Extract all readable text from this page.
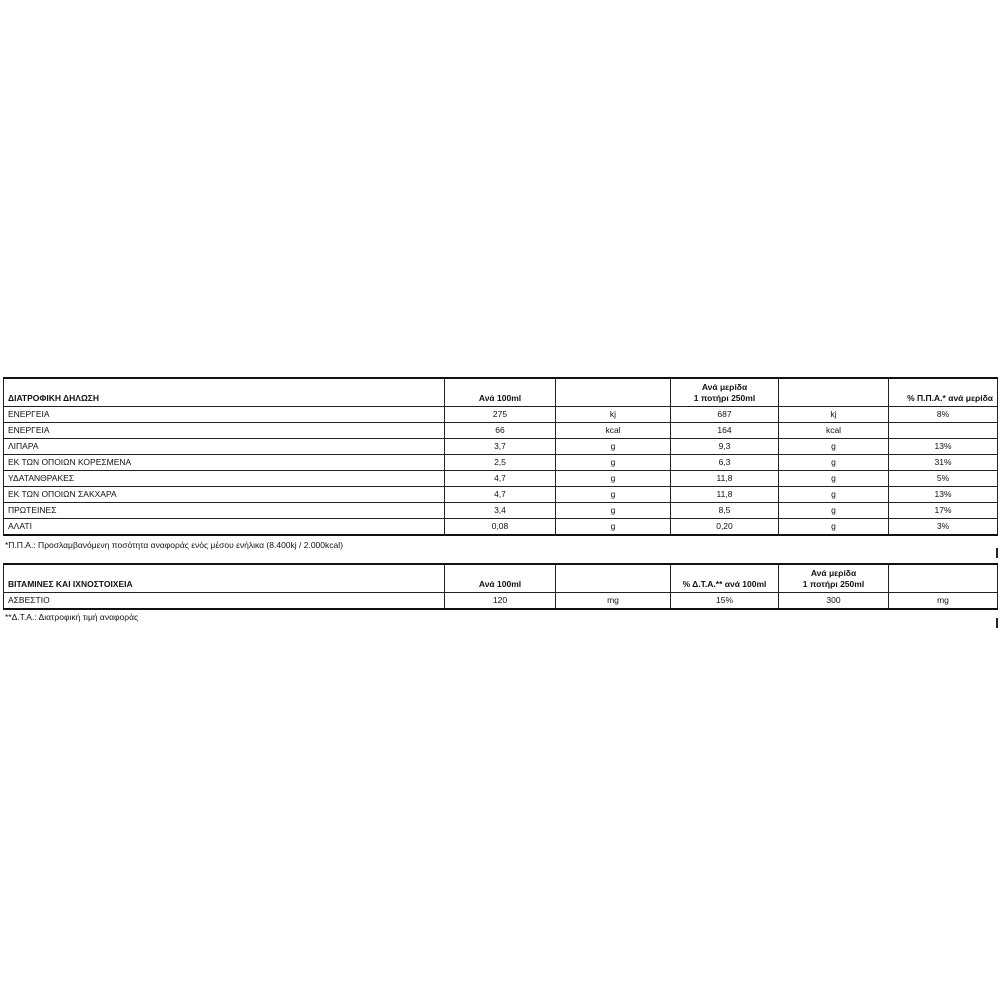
ΔΙΑΤΡΟΦΙΚΗ ΔΗΛΩΣΗ	Ανά 100ml		Ανά μερίδα
1 ποτήρι 250ml		% Π.Π.Α.* ανά μερίδα
ΕΝΕΡΓΕΙΑ	275	kj	687	kj	8%
ΕΝΕΡΓΕΙΑ	66	kcal	164	kcal	
ΛΙΠΑΡΑ	3,7	g	9,3	g	13%
ΕΚ ΤΩΝ ΟΠΟΙΩΝ ΚΟΡΕΣΜΕΝΑ	2,5	g	6,3	g	31%
ΥΔΑΤΑΝΘΡΑΚΕΣ	4,7	g	11,8	g	5%
ΕΚ ΤΩΝ ΟΠΟΙΩΝ ΣΑΚΧΑΡΑ	4,7	g	11,8	g	13%
ΠΡΩΤΕΙΝΕΣ	3,4	g	8,5	g	17%
ΑΛΑΤΙ	0,08	g	0,20	g	3%
*Π.Π.Α.: Προσλαμβανόμενη ποσότητα αναφοράς ενός μέσου ενήλικα (8.400kj / 2.000kcal)
ΒΙΤΑΜΙΝΕΣ ΚΑΙ ΙΧΝΟΣΤΟΙΧΕΙΑ	Ανά 100ml		% Δ.Τ.Α.** ανά 100ml	Ανά μερίδα
1 ποτήρι 250ml	

ΑΣΒΕΣΤΙΟ	120	mg	15%	300	mg
**Δ.Τ.Α.: Διατροφική τιμή αναφοράς
